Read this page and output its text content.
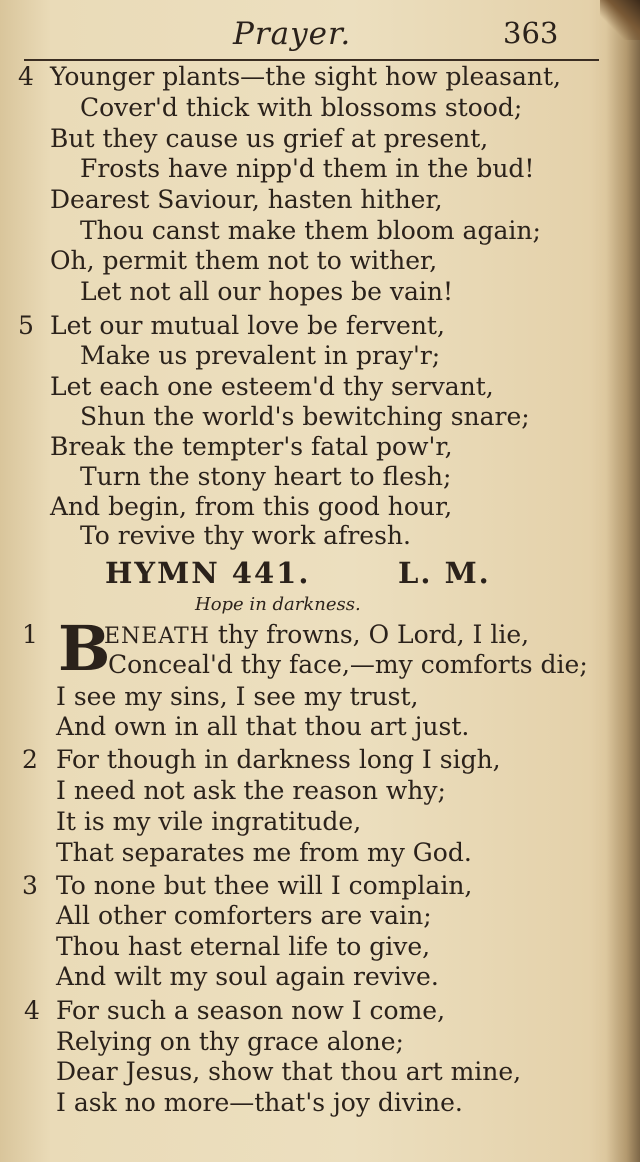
Prayer.	363
4 Younger plants—the sight how pleasant,
Cover'd thick with blossoms stood;
But they cause us grief at present,
Frosts have nipp'd them in the bud!
Dearest Saviour, hasten hither,
Thou canst make them bloom again;
Oh, permit them not to wither,
Let not all our hopes be vain!
5 Let our mutual love be fervent,
Make us prevalent in pray'r;
Let each one esteem'd thy servant,
Shun the world's bewitching snare;
Break the tempter's fatal pow'r,
Turn the stony heart to flesh;
And begin, from this good hour,
To revive thy work afresh.
HYMN 441.	L. M.
Hope in darkness.
1 B
ENEATH thy frowns, O Lord, I lie,
Conceal'd thy face,—my comforts die;
I see my sins, I see my trust,
And own in all that thou art just.
2 For though in darkness long I sigh,
I need not ask the reason why;
It is my vile ingratitude,
That separates me from my God.
3 To none but thee will I complain,
All other comforters are vain;
Thou hast eternal life to give,
And wilt my soul again revive.
4 For such a season now I come,
Relying on thy grace alone;
Dear Jesus, show that thou art mine,
I ask no more—that's joy divine.
